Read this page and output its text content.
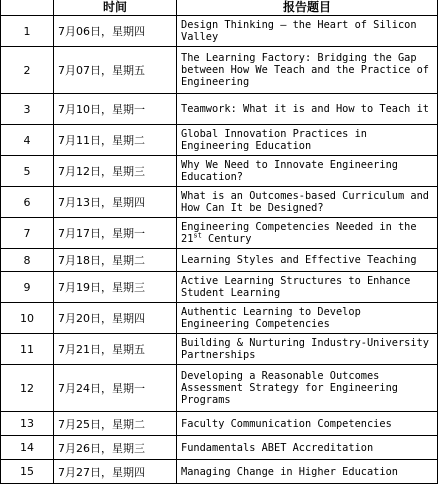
	时间	报告题目
1	7月06日，星期四	Design Thinking – the Heart of Silicon Valley
2	7月07日，星期五	The Learning Factory: Bridging the Gap between How We Teach and the Practice of Engineering
3	7月10日，星期一	Teamwork: What it is and How to Teach it
4	7月11日，星期二	Global Innovation Practices in Engineering Education
5	7月12日，星期三	Why We Need to Innovate Engineering Education?
6	7月13日，星期四	What is an Outcomes-based Curriculum and How Can It be Designed?
7	7月17日，星期一	Engineering Competencies Needed in the 21st Century
8	7月18日，星期二	Learning Styles and Effective Teaching
9	7月19日，星期三	Active Learning Structures to Enhance Student Learning
10	7月20日，星期四	Authentic Learning to Develop Engineering Competencies
11	7月21日，星期五	Building & Nurturing Industry-University Partnerships
12	7月24日，星期一	Developing a Reasonable Outcomes Assessment Strategy for Engineering Programs
13	7月25日，星期二	Faculty Communication Competencies
14	7月26日，星期三	Fundamentals ABET Accreditation
15	7月27日，星期四	Managing Change in Higher Education
